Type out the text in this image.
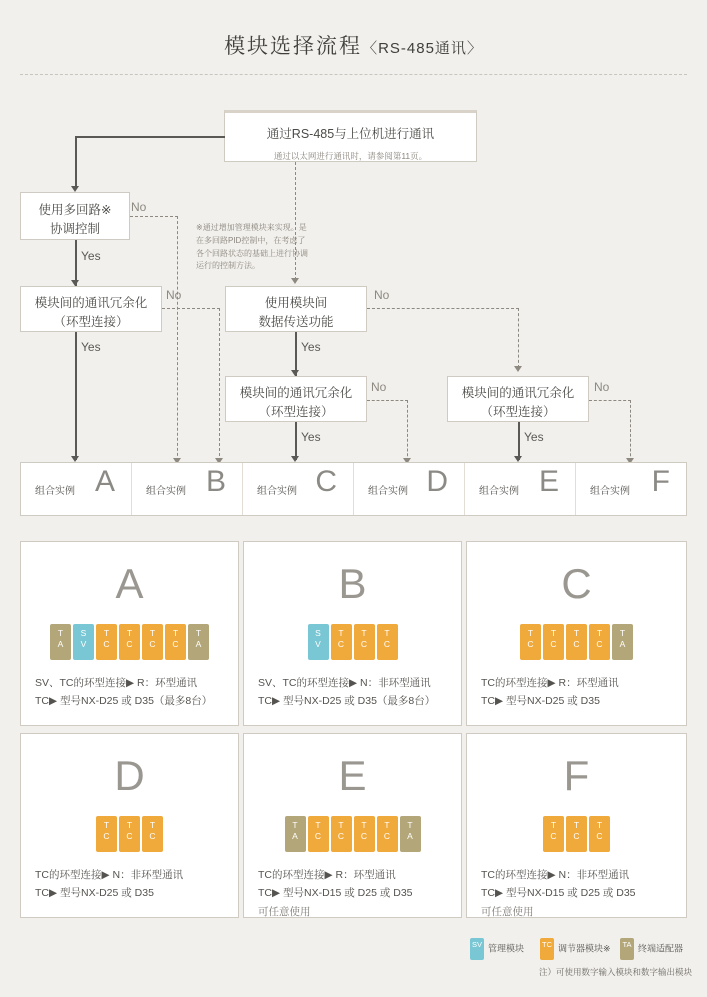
模块选择流程〈RS-485通讯〉
通过RS-485与上位机进行通讯
通过以太网进行通讯时，请参阅第11页。
使用多回路※
协调控制
No
※通过增加管理模块来实现。是在多回路PID控制中，在考虑了各个回路状态的基础上进行协调运行的控制方法。
Yes
模块间的通讯冗余化
（环型连接）
No
Yes
使用模块间
数据传送功能
No
Yes
模块间的通讯冗余化
（环型连接）
No
Yes
模块间的通讯冗余化
（环型连接）
No
Yes
组合实例 A	组合实例 B	组合实例 C	组合实例 D	组合实例 E	组合实例 F
A
T
A
S
V
T
C
T
C
T
C
T
C
T
A
SV、TC的环型连接▶ R：环型通讯
TC▶ 型号NX-D25 或 D35（最多8台）
B
S
V
T
C
T
C
T
C
SV、TC的环型连接▶ N：非环型通讯
TC▶ 型号NX-D25 或 D35（最多8台）
C
T
C
T
C
T
C
T
C
T
A
TC的环型连接▶ R：环型通讯
TC▶ 型号NX-D25 或 D35
D
T
C
T
C
T
C
TC的环型连接▶ N：非环型通讯
TC▶ 型号NX-D25 或 D35
E
T
A
T
C
T
C
T
C
T
C
T
A
TC的环型连接▶ R：环型通讯
TC▶ 型号NX-D15 或 D25 或 D35
可任意使用
F
T
C
T
C
T
C
TC的环型连接▶ N：非环型通讯
TC▶ 型号NX-D15 或 D25 或 D35
可任意使用
SV 管理模块 TC 调节器模块※	TA 终端适配器
注）可使用数字输入模块和数字输出模块
